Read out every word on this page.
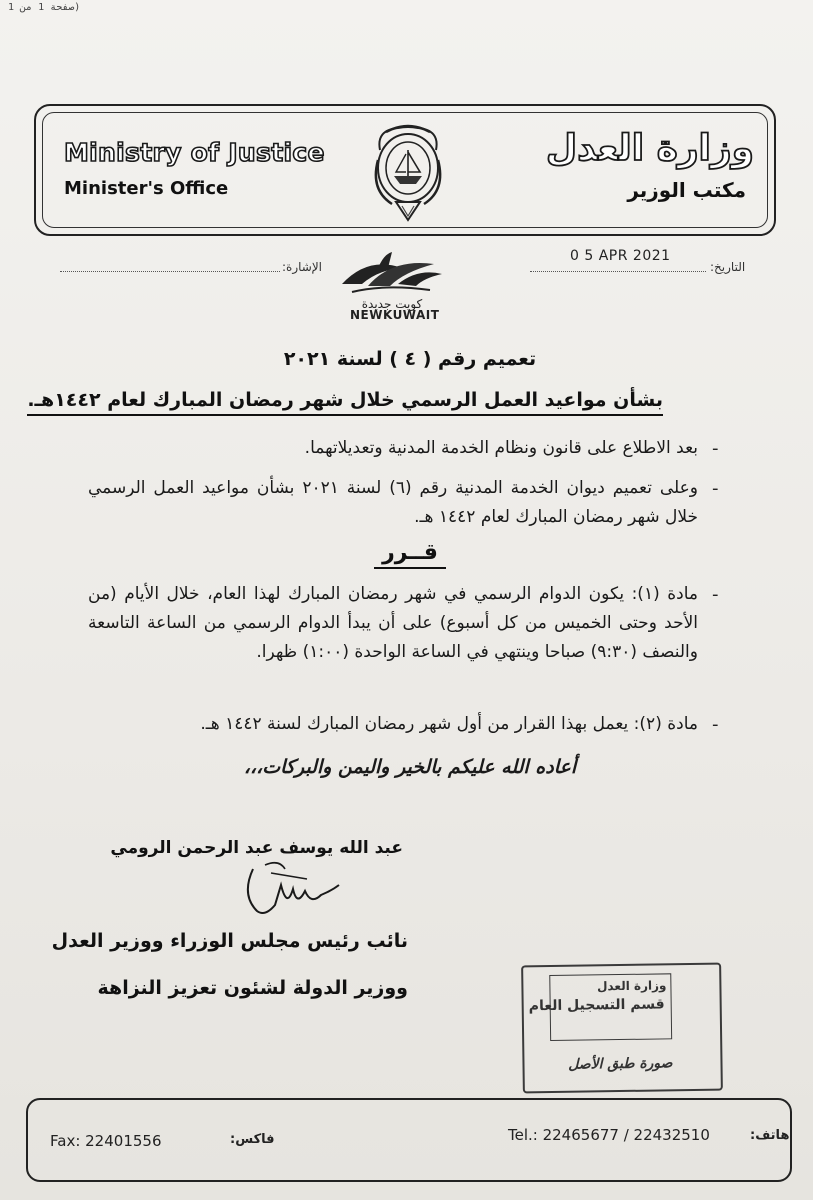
(صفحة 1 من 1
Ministry of Justice
Minister's Office
وزارة العدل
مكتب الوزير
الإشارة:
0 5 APR 2021
التاريخ:
كويت جديدة
NEWKUWAIT
تعميم رقم ( ٤ ) لسنة ٢٠٢١
بشأن مواعيد العمل الرسمي خلال شهر رمضان المبارك لعام ١٤٤٢هـ.
-
بعد الاطلاع على قانون ونظام الخدمة المدنية وتعديلاتهما.
-
وعلى تعميم ديوان الخدمة المدنية رقم (٦) لسنة ٢٠٢١ بشأن مواعيد العمل الرسمي خلال شهر رمضان المبارك لعام ١٤٤٢ هـ.
قــرر
-
مادة (١): يكون الدوام الرسمي في شهر رمضان المبارك لهذا العام، خلال الأيام (من الأحد وحتى الخميس من كل أسبوع) على أن يبدأ الدوام الرسمي من الساعة التاسعة والنصف (٩:٣٠) صباحا وينتهي في الساعة الواحدة (١:٠٠) ظهرا.
-
مادة (٢): يعمل بهذا القرار من أول شهر رمضان المبارك لسنة ١٤٤٢ هـ.
أعاده الله عليكم بالخير واليمن والبركات،،،
عبد الله يوسف عبد الرحمن الرومي
نائب رئيس مجلس الوزراء ووزير العدل
ووزير الدولة لشئون تعزيز النزاهة	وزارة العدل
قسم التسجيل العام
صورة طبق الأصل
Fax: 22401556	فاكس:	Tel.: 22465677 / 22432510	هاتف:
